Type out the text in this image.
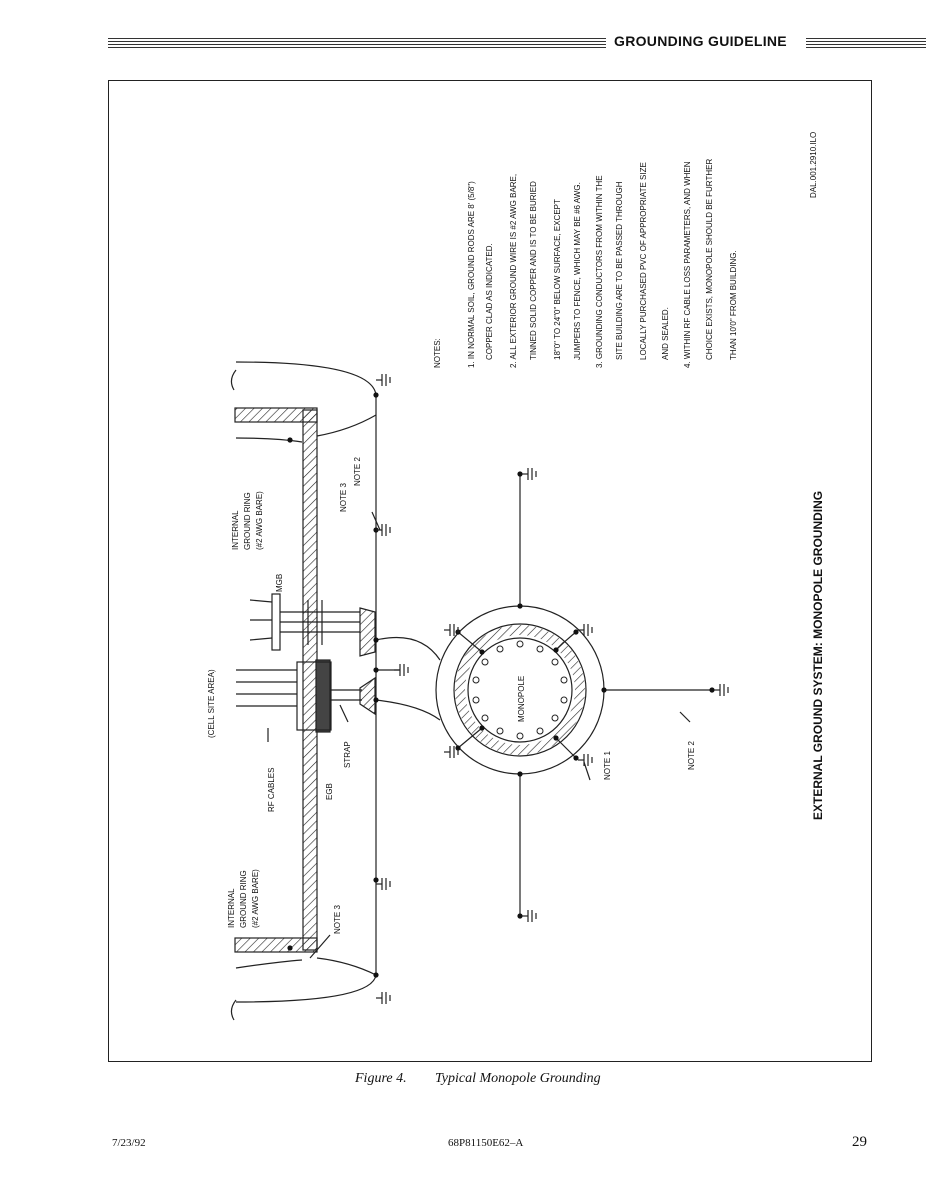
GROUNDING GUIDELINE
EXTERNAL GROUND SYSTEM: MONOPOLE GROUNDING
DAL.001.2910.ILO
NOTES:	1. IN NORMAL SOIL, GROUND RODS ARE 8' (5/8") COPPER CLAD AS INDICATED. 2. ALL EXTERIOR GROUND WIRE IS #2 AWG BARE, TINNED SOLID COPPER AND IS TO BE BURIED 18"0" TO 24"0" BELOW SURFACE, EXCEPT JUMPERS TO FENCE, WHICH MAY BE #6 AWG. 3. GROUNDING CONDUCTORS FROM WITHIN THE SITE BUILDING ARE TO BE PASSED THROUGH LOCALLY PURCHASED PVC OF APPROPRIATE SIZE AND SEALED. 4. WITHIN RF CABLE LOSS PARAMETERS, AND WHEN CHOICE EXISTS, MONOPOLE SHOULD BE FURTHER THAN 10'0" FROM BUILDING.
MGB
(CELL SITE AREA)
RF CABLES	EGB
STRAP
NOTE 3
NOTE 2
NOTE 3
NOTE 1	NOTE 2
MONOPOLE
INTERNAL GROUND RING (#2 AWG BARE)
INTERNAL GROUND RING (#2 AWG BARE)
Figure 4. Typical Monopole Grounding
7/23/92	68P81150E62–A	29
